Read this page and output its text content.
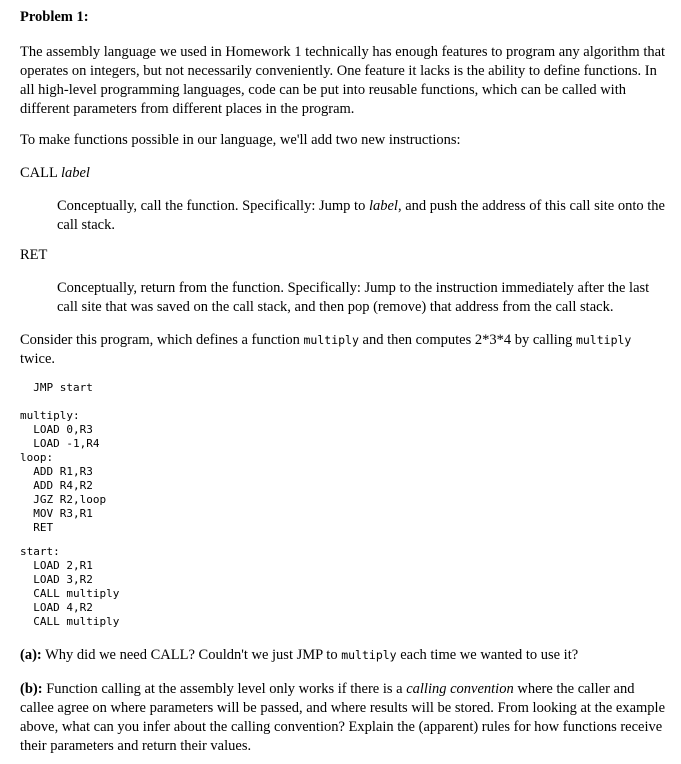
Problem 1:

The assembly language we used in Homework 1 technically has enough features to program any algorithm that operates on integers, but not necessarily conveniently. One feature it lacks is the ability to define functions. In all high-level programming languages, code can be put into reusable functions, which can be called with different parameters from different places in the program.

To make functions possible in our language, we'll add two new instructions:

CALL label

Conceptually, call the function. Specifically: Jump to label, and push the address of this call site onto the call stack.

RET

Conceptually, return from the function. Specifically: Jump to the instruction immediately after the last call site that was saved on the call stack, and then pop (remove) that address from the call stack.

Consider this program, which defines a function multiply and then computes 2*3*4 by calling multiply twice.

JMP start
multiply:
LOAD 0,R3
LOAD -1,R4
loop:
ADD R1,R3
ADD R4,R2
JGZ R2,loop
MOV R3,R1
RET
start:
LOAD 2,R1
LOAD 3,R2
CALL multiply
LOAD 4,R2
CALL multiply

(a): Why did we need CALL? Couldn't we just JMP to multiply each time we wanted to use it?

(b): Function calling at the assembly level only works if there is a calling convention where the caller and callee agree on where parameters will be passed, and where results will be stored. From looking at the example above, what can you infer about the calling convention? Explain the (apparent) rules for how functions receive their parameters and return their values.
